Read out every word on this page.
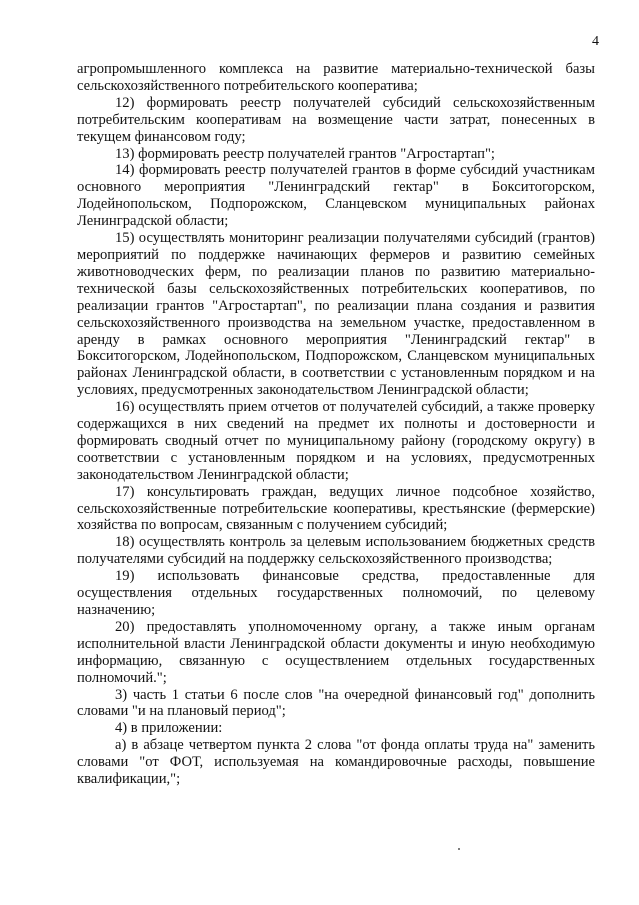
4

агропромышленного комплекса на развитие материально-технической базы сельскохозяйственного потребительского кооператива;

12) формировать реестр получателей субсидий сельскохозяйственным потребительским кооперативам на возмещение части затрат, понесенных в текущем финансовом году;

13) формировать реестр получателей грантов "Агростартап";

14) формировать реестр получателей грантов в форме субсидий участникам основного мероприятия "Ленинградский гектар" в Бокситогорском, Лодейнопольском, Подпорожском, Сланцевском муниципальных районах Ленинградской области;

15) осуществлять мониторинг реализации получателями субсидий (грантов) мероприятий по поддержке начинающих фермеров и развитию семейных животноводческих ферм, по реализации планов по развитию материально-технической базы сельскохозяйственных потребительских кооперативов, по реализации грантов "Агростартап", по реализации плана создания и развития сельскохозяйственного производства на земельном участке, предоставленном в аренду в рамках основного мероприятия "Ленинградский гектар" в Бокситогорском, Лодейнопольском, Подпорожском, Сланцевском муниципальных районах Ленинградской области, в соответствии с установленным порядком и на условиях, предусмотренных законодательством Ленинградской области;

16) осуществлять прием отчетов от получателей субсидий, а также проверку содержащихся в них сведений на предмет их полноты и достоверности и формировать сводный отчет по муниципальному району (городскому округу) в соответствии с установленным порядком и на условиях, предусмотренных законодательством Ленинградской области;

17) консультировать граждан, ведущих личное подсобное хозяйство, сельскохозяйственные потребительские кооперативы, крестьянские (фермерские) хозяйства по вопросам, связанным с получением субсидий;

18) осуществлять контроль за целевым использованием бюджетных средств получателями субсидий на поддержку сельскохозяйственного производства;

19) использовать финансовые средства, предоставленные для осуществления отдельных государственных полномочий, по целевому назначению;

20) предоставлять уполномоченному органу, а также иным органам исполнительной власти Ленинградской области документы и иную необходимую информацию, связанную с осуществлением отдельных государственных полномочий.";

3) часть 1 статьи 6 после слов "на очередной финансовый год" дополнить словами "и на плановый период";

4) в приложении:

а) в абзаце четвертом пункта 2 слова "от фонда оплаты труда на" заменить словами "от ФОТ, используемая на командировочные расходы, повышение квалификации,";
